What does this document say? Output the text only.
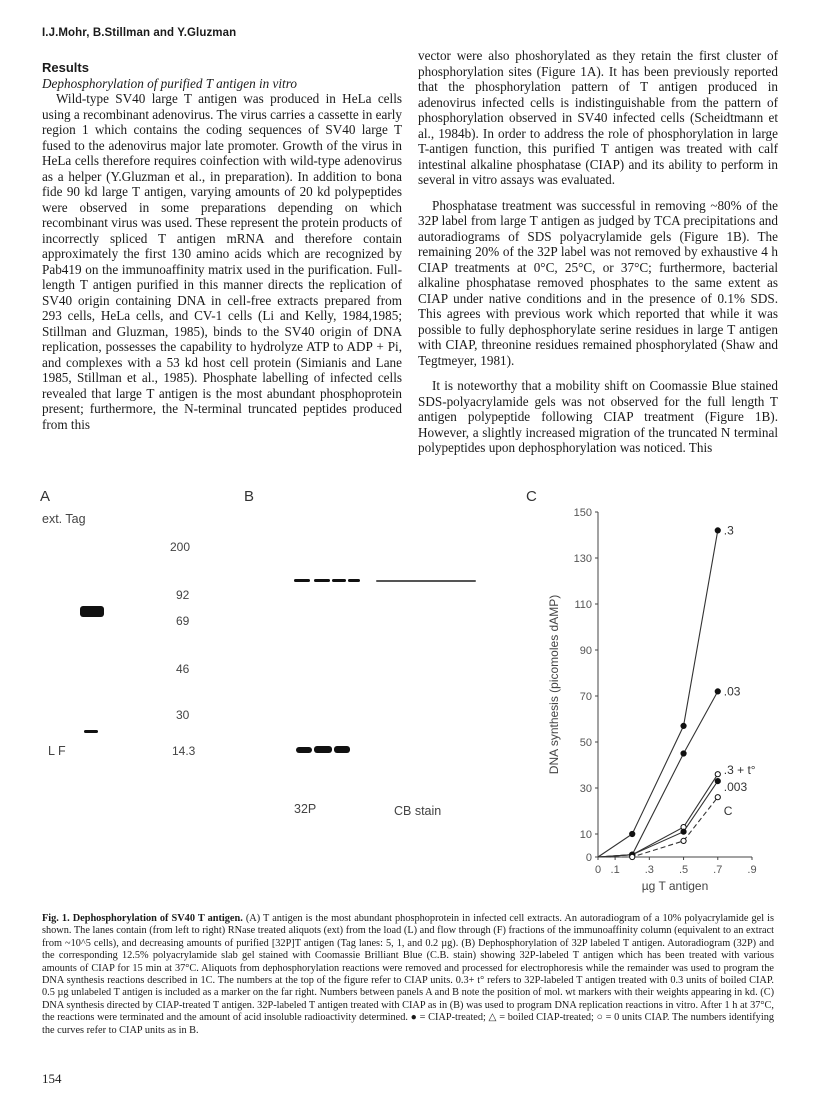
I.J.Mohr, B.Stillman and Y.Gluzman

Results

Dephosphorylation of purified T antigen in vitro

Wild-type SV40 large T antigen was produced in HeLa cells using a recombinant adenovirus. The virus carries a cassette in early region 1 which contains the coding sequences of SV40 large T fused to the adenovirus major late promoter. Growth of the virus in HeLa cells therefore requires coinfection with wild-type adenovirus as a helper (Y.Gluzman et al., in preparation). In addition to bona fide 90 kd large T antigen, varying amounts of 20 kd polypeptides were observed in some preparations depending on which recombinant virus was used. These represent the protein products of incorrectly spliced T antigen mRNA and therefore contain approximately the first 130 amino acids which are recognized by Pab419 on the immunoaffinity matrix used in the purification. Full-length T antigen purified in this manner directs the replication of SV40 origin containing DNA in cell-free extracts prepared from 293 cells, HeLa cells, and CV-1 cells (Li and Kelly, 1984,1985; Stillman and Gluzman, 1985), binds to the SV40 origin of DNA replication, possesses the capability to hydrolyze ATP to ADP + Pi, and complexes with a 53 kd host cell protein (Simianis and Lane 1985, Stillman et al., 1985). Phosphate labelling of infected cells revealed that large T antigen is the most abundant phosphoprotein present; furthermore, the N-terminal truncated peptides produced from this

vector were also phoshorylated as they retain the first cluster of phosphorylation sites (Figure 1A). It has been previously reported that the phosphorylation pattern of T antigen produced in adenovirus infected cells is indistinguishable from the pattern of phosphorylation observed in SV40 infected cells (Scheidtmann et al., 1984b). In order to address the role of phosphorylation in large T-antigen function, this purified T antigen was treated with calf intestinal alkaline phosphatase (CIAP) and its ability to perform in several in vitro assays was evaluated.

Phosphatase treatment was successful in removing ~80% of the 32P label from large T antigen as judged by TCA precipitations and autoradiograms of SDS polyacrylamide gels (Figure 1B). The remaining 20% of the 32P label was not removed by exhaustive 4 h CIAP treatments at 0°C, 25°C, or 37°C; furthermore, bacterial alkaline phosphatase removed phosphates to the same extent as CIAP under native conditions and in the presence of 0.1% SDS. This agrees with previous work which reported that while it was possible to fully dephosphorylate serine residues in large T antigen with CIAP, threonine residues remained phosphorylated (Shaw and Tegtmeyer, 1981).

It is noteworthy that a mobility shift on Coomassie Blue stained SDS-polyacrylamide gels was not observed for the full length T antigen polypeptide following CIAP treatment (Figure 1B). However, a slightly increased migration of the truncated N terminal polypeptides upon dephosphorylation was noticed. This

A
ext. Tag
L F
200
92
69
46
30
14.3
B
32P	CB stain
C
0
10
30
50
70
90
110
130
150
0 .1 .3 .5 .7 .9
µg T antigen
DNA synthesis (picomoles dAMP)
.3
.03
.3 + t°
.003
C

Fig. 1. Dephosphorylation of SV40 T antigen. (A) T antigen is the most abundant phosphoprotein in infected cell extracts. An autoradiogram of a 10% polyacrylamide gel is shown. The lanes contain (from left to right) RNase treated aliquots (ext) from the load (L) and flow through (F) fractions of the immunoaffinity column (equivalent to an extract from ~10^5 cells), and decreasing amounts of purified [32P]T antigen (Tag lanes: 5, 1, and 0.2 µg). (B) Dephosphorylation of 32P labeled T antigen. Autoradiogram (32P) and the corresponding 12.5% polyacrylamide slab gel stained with Coomassie Brilliant Blue (C.B. stain) showing 32P-labeled T antigen which has been treated with various amounts of CIAP for 15 min at 37°C. Aliquots from dephosphorylation reactions were removed and processed for electrophoresis while the remainder was used to program the DNA synthesis reactions described in 1C. The numbers at the top of the figure refer to CIAP units. 0.3+ t° refers to 32P-labeled T antigen treated with 0.3 units of boiled CIAP. 0.5 µg unlabeled T antigen is included as a marker on the far right. Numbers between panels A and B note the position of mol. wt markers with their weights appearing in kd. (C) DNA synthesis directed by CIAP-treated T antigen. 32P-labeled T antigen treated with CIAP as in (B) was used to program DNA replication reactions in vitro. After 1 h at 37°C, the reactions were terminated and the amount of acid insoluble radioactivity determined. ● = CIAP-treated; △ = boiled CIAP-treated; ○ = 0 units CIAP. The numbers identifying the curves refer to CIAP units as in B.

154
